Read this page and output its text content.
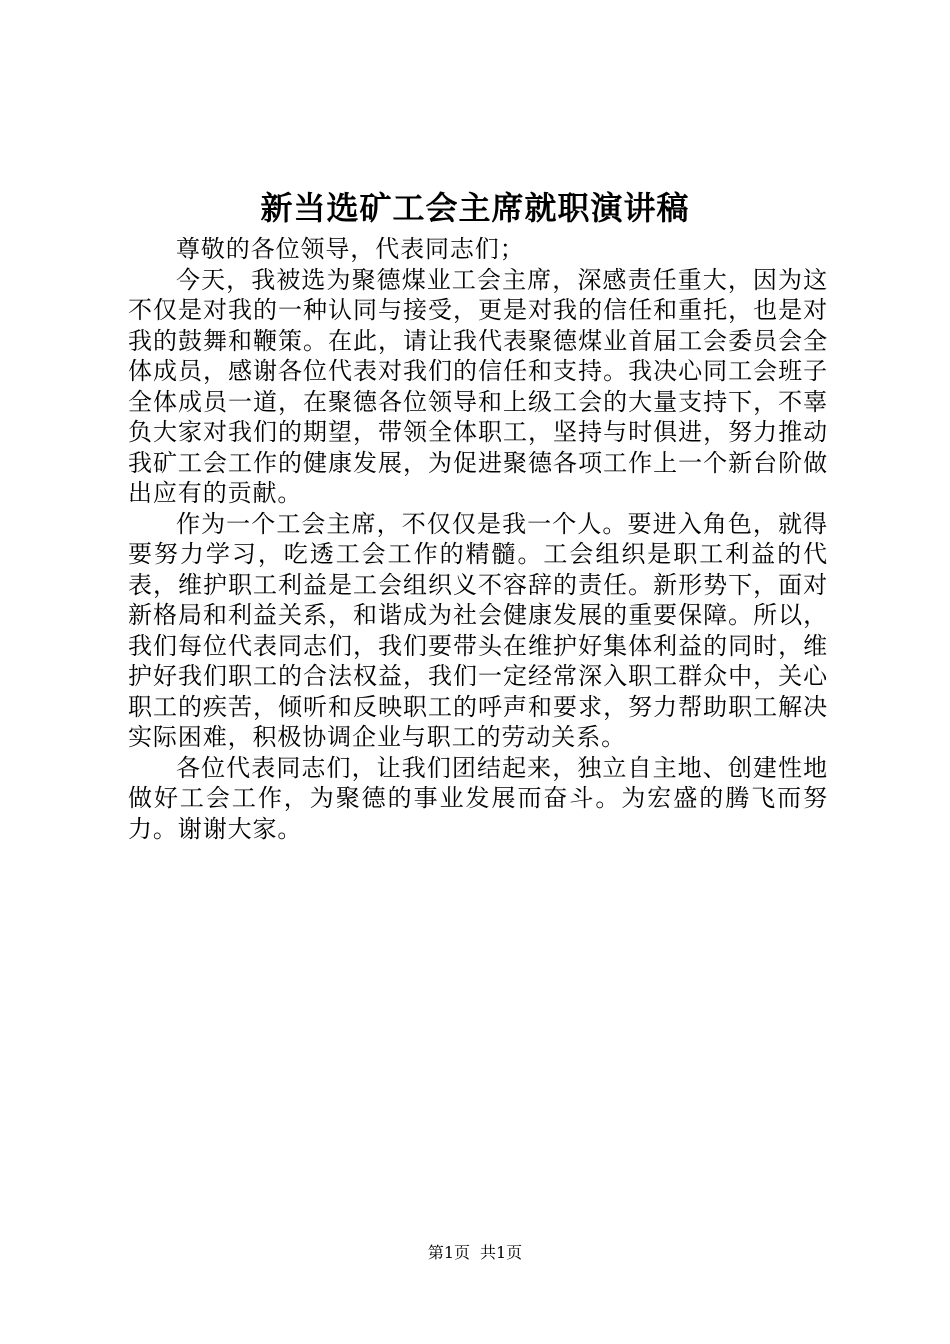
新当选矿工会主席就职演讲稿

尊敬的各位领导，代表同志们；

今天，我被选为聚德煤业工会主席，深感责任重大，因为这不仅是对我的一种认同与接受，更是对我的信任和重托，也是对我的鼓舞和鞭策。在此，请让我代表聚德煤业首届工会委员会全体成员，感谢各位代表对我们的信任和支持。我决心同工会班子全体成员一道，在聚德各位领导和上级工会的大量支持下，不辜负大家对我们的期望，带领全体职工，坚持与时俱进，努力推动我矿工会工作的健康发展，为促进聚德各项工作上一个新台阶做出应有的贡献。

作为一个工会主席，不仅仅是我一个人。要进入角色，就得要努力学习，吃透工会工作的精髓。工会组织是职工利益的代表，维护职工利益是工会组织义不容辞的责任。新形势下，面对新格局和利益关系，和谐成为社会健康发展的重要保障。所以，我们每位代表同志们，我们要带头在维护好集体利益的同时，维护好我们职工的合法权益，我们一定经常深入职工群众中，关心职工的疾苦，倾听和反映职工的呼声和要求，努力帮助职工解决实际困难，积极协调企业与职工的劳动关系。

各位代表同志们，让我们团结起来，独立自主地、创建性地做好工会工作，为聚德的事业发展而奋斗。为宏盛的腾飞而努力。谢谢大家。

第1页 共1页
